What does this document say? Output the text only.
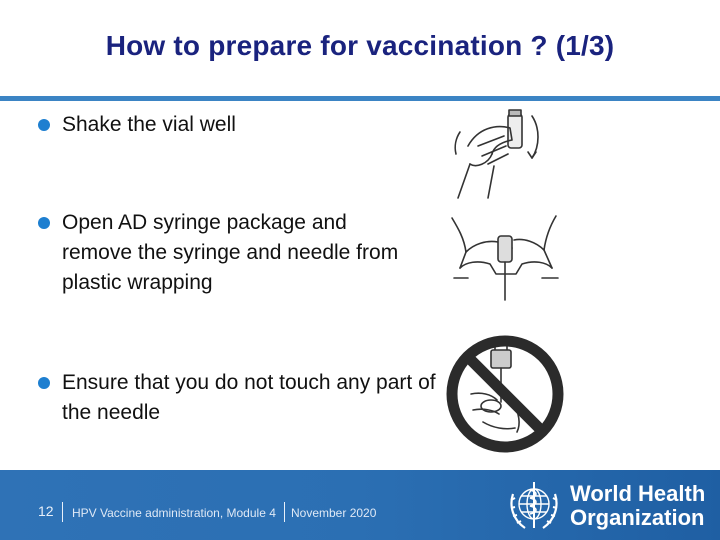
How to prepare for vaccination ? (1/3)
Shake the vial well
Open AD syringe package and remove the syringe and needle from plastic wrapping
Ensure that you do not touch any part of the needle
12 HPV Vaccine administration, Module 4 November 2020
World Health
Organization
